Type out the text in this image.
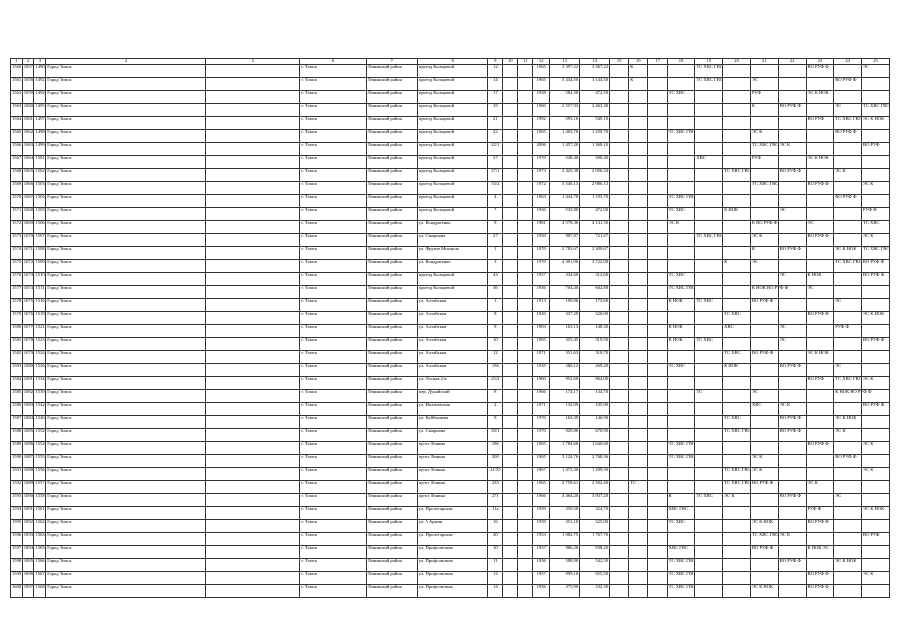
1	2	3	4	5	6	7	8	9	10	11	12	13	14	15	16	17	18	19	20	21	22	23	24	25
1560	1057	1490	Город Томск		г. Томск	Ленинский район	проезд Кольцевой	12			1965	3 397,22	3 367,22		К			ТС ХВС ГВС				ВО РУФ Ф		ЭС
1561	1058	1492	Город Томск		г. Томск	Ленинский район	проезд Кольцевой	14			1965	3 434,50	3 144,50		К			ТС ХВС ГВС		ЭС			ВО РУФ Ф	
1562	1059	1494	Город Томск		г. Томск	Ленинский район	проезд Кольцевой	17			1938	584,30	472,50				ТС ХВС			РУФ		ЭС К НОК		
1563	1060	1495	Город Томск		г. Томск	Ленинский район	проезд Кольцевой	18			1960	2 557,93	2 463,30							К	ВО РУФ Ф		ЭС	ТС ХВС ГВС
1564	1061	1497	Город Томск		г. Томск	Ленинский район	проезд Кольцевой	21			1992	593,10	549,10									ВО РУФ	ТС ХВС ГВС	ЭС К НОК
1565	1062	1498	Город Томск		г. Томск	Ленинский район	проезд Кольцевой	22			1965	1 403,70	1 259,70				ТС ХВС ГВС			ЭС К			ВО РУФ Ф	
1566	1063	1499	Город Томск		г. Томск	Ленинский район	проезд Кольцевой	22/1			2006	1 457,20	1 368,10							ТС ХВС ГВС	ЭС К			ВО РУФ
1567	1064	1501	Город Томск		г. Томск	Ленинский район	проезд Кольцевой	27			1970	548,40	500,40					ХВС		РУФ		ЭС К НОК		
1568	1065	1502	Город Томск		г. Томск	Ленинский район	проезд Кольцевой	27/1			1973	3 425,38	2 956,34						ТС ХВС ГВС		ВО РУФ Ф		ЭС К	
1569	1066	1503	Город Томск		г. Томск	Ленинский район	проезд Кольцевой	33/2			1972	3 546,13	2 986,13							ТС ХВС ГВС		ВО РУФ Ф		ЭС К
1570	1067	1504	Город Томск		г. Томск	Ленинский район	проезд Кольцевой	4			1963	1 444,70	1 195,70				ТС ХВС ГВС						ВО РУФ Ф	
1571	1068	1505	Город Томск		г. Томск	Ленинский район	проезд Кольцевой	7			1936	535,80	472,90				ТС ХВС		К НОК		ЭС			РУФ Ф
1572	1069	1506	Город Томск		г. Томск	Ленинский район	ул. Кондратенко	9			1981	4 578,30	4 141,30				ЭС К			К ВО РУФ Ф		ЭС		ТС ХВС
1573	1070	1507	Город Томск		г. Томск	Ленинский район	ул. Смирнова	27			1950	987,87	721,67					ТС ХВС ГВС		ЭС К		ВО РУФ Ф		ЭС К
1574	1071	1508	Город Томск		г. Томск	Ленинский район	ул. Фрунзе Михаила	1			1970	2 783,67	2 309,67							К	ВО РУФ Ф		ЭС К НОК	ТС ХВС ГВС
1575	1072	1509	Город Томск		г. Томск	Ленинский район	ул. Кондратенко	3			1970	4 301,96	3 722,90						К	ЭС			ТС ХВС ГВС ВО РУФ Ф	
1576	1073	1510	Город Томск		г. Томск	Ленинский район	проезд Кольцевой	43			1957	334,60	312,60				ТС ХВС				ЭС	К НОК		ВО РУФ Ф
1577	1074	1511	Город Томск		г. Томск	Ленинский район	проезд Кольцевой	36			1936	704,40	602,80				ТС ХВС ГВС			К НОК ВО РУФ Ф		ЭС		
1578	1075	1516	Город Томск		г. Томск	Ленинский район	ул. Алтайская	1			1913	199,06	175,60				К НОК	ТС ХВС		ВО РУФ Ф			ЭС	
1579	1076	1518	Город Томск		г. Томск	Ленинский район	ул. Алтайская	8			1920	337,29	326,00						ТС ХВС			ВО РУФ Ф		ЭС К НОК
1580	1077	1521	Город Томск		г. Томск	Ленинский район	ул. Алтайская	9			1903	163,13	148,30				К НОК		ХВС		ЭС		РУФ Ф	
1581	1078	1523	Город Томск		г. Томск	Ленинский район	ул. Алтайская	10			1905	353,45	319,50				К НОК	ТС ХВС			ЭС			ВО РУФ Ф
1582	1079	1524	Город Томск		г. Томск	Ленинский район	ул. Алтайская	12			1971	351,63	319,70						ТС ХВС	ВО РУФ Ф		ЭС К НОК		
1583	1080	1526	Город Томск		г. Томск	Ленинский район	ул. Алтайская	156			1935	286,12	269,20				ТС ХВС		К НОК		ВО РУФ Ф		ЭС	
1584	1081	1534	Город Томск		г. Томск	Ленинский район	ул. Лесная 2-я	25/2			1960	952,60	864,00									ВО РУФ	ТС ХВС ГВС	ЭС К
1585	1082	1539	Город Томск		г. Томск	Ленинский район	пер. Дунайский	8			1966	174,17	134,70					ТС		ЭС			К НОК ВО РУФ Ф	
1586	1083	1542	Город Томск		г. Томск	Ленинский район	ул. Ипатьевская	2			1971	132,09	105,90							ХВС	ЭС К			ВО РУФ Ф
1587	1084	1546	Город Томск		г. Томск	Ленинский район	ул. Куйбышева	9			1970	163,39	146,90						ТС ХВС		ВО РУФ Ф		ЭС К НОК	
1588	1085	1552	Город Томск		г. Томск	Ленинский район	ул. Смирнова	50/1			1970	929,80	670,90						ТС ХВС ГВС		ВО РУФ Ф		ЭС К	
1589	1086	1554	Город Томск		г. Томск	Ленинский район	пр-кт Ленина	196			1965	1 784,60	1 640,60				ТС ХВС ГВС					ВО РУФ Ф		ЭС К
1590	1087	1555	Город Томск		г. Томск	Ленинский район	пр-кт Ленина	200			1965	3 124,76	2 768,36				ТС ХВС ГВС			ЭС К			ВО РУФ Ф	
1591	1088	1556	Город Томск		г. Томск	Ленинский район	пр-кт Ленина	21/55			1967	1 472,30	1 299,30						ТС ХВС ГВС	ЭС К				ЭС К
1592	1089	1557	Город Томск		г. Томск	Ленинский район	пр-кт Ленина	235			1965	2 758,61	2 502,40		ТС				ТС ХВС ГВС	ВО РУФ Ф		ЭС К		
1593	1090	1558	Город Томск		г. Томск	Ленинский район	пр-кт Ленина	271			1966	4 464,20	3 937,20				К	ТС ХВС	ЭС К		ВО РУФ Ф		ЭС	
1594	1091	1561	Город Томск		г. Томск	Ленинский район	ул. Пролетарская	11а			1959	350,50	324,70				ХВС ГВС					РУФ Ф		ЭС К НОК
1595	1092	1562	Город Томск		г. Томск	Ленинский район	ул. 5 Армии	16			1959	351,10	325,00				ТС ХВС			ЭС К НОК		ВО РУФ Ф		
1596	1093	1563	Город Томск		г. Томск	Ленинский район	ул. Пролетарская	20			1953	1 982,75	1 767,70							ТС ХВС ГВС	ЭС К			ВО РУФ
1597	1094	1565	Город Томск		г. Томск	Ленинский район	ул. Профсоюзная	10			1937	986,20	938,20				ХВС ГВС			ВО РУФ Ф		К НОК ЭС		
1598	1095	1566	Город Томск		г. Томск	Ленинский район	ул. Профсоюзная	11			1956	588,90	542,50				ТС ХВС ГВС				ВО РУФ Ф		ЭС К НОК	
1599	1096	1567	Город Томск		г. Томск	Ленинский район	ул. Профсоюзная	12			1957	999,10	925,50				ТС ХВС ГВС					ВО РУФ Ф		ЭС К
1600	1097	1568	Город Томск		г. Томск	Ленинский район	ул. Профсоюзная	14			1956	375,90	332,30				ТС ХВС ГВС			ЭС К НОК		ВО РУФ Ф		
